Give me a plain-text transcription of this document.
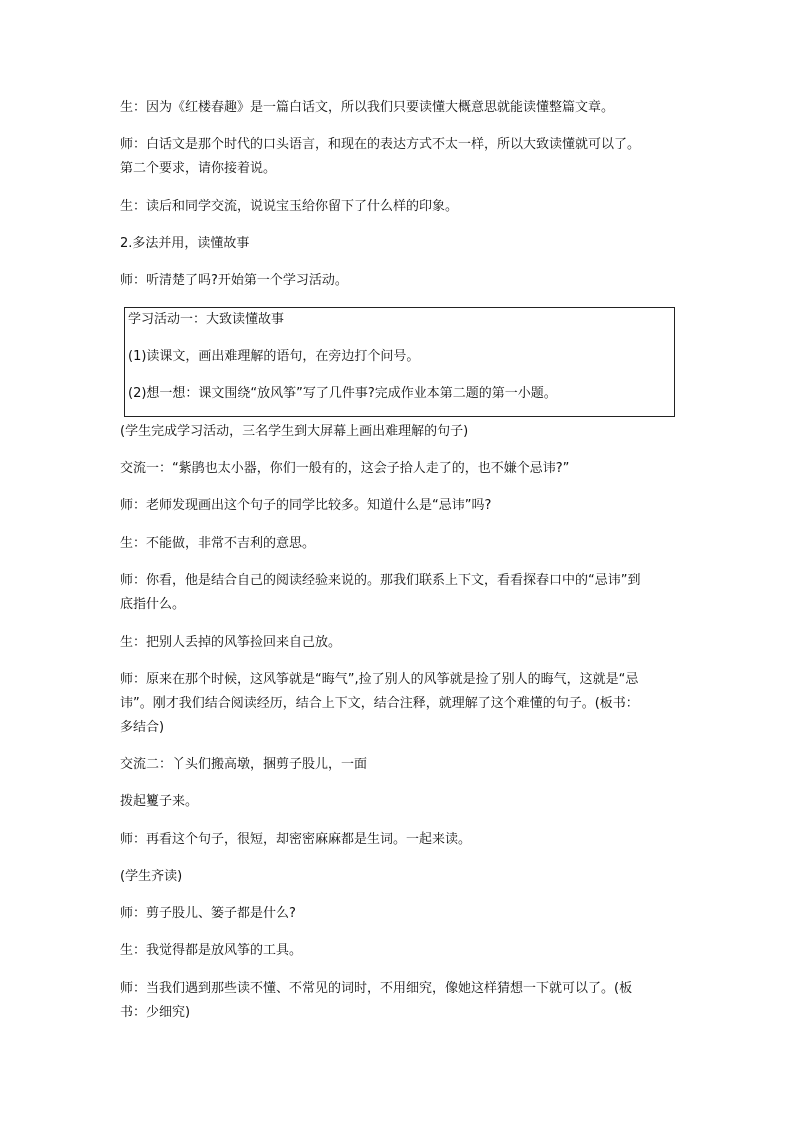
生：因为《红楼春趣》是一篇白话文，所以我们只要读懂大概意思就能读懂整篇文章。
师：白话文是那个时代的口头语言，和现在的表达方式不太一样，所以大致读懂就可以了。
第二个要求，请你接着说。
生：读后和同学交流，说说宝玉给你留下了什么样的印象。
2.多法并用，读懂故事
师：听清楚了吗?开始第一个学习活动。
学习活动一：大致读懂故事
(1)读课文，画出难理解的语句，在旁边打个问号。
(2)想一想：课文围绕“放风筝”写了几件事?完成作业本第二题的第一小题。
(学生完成学习活动，三名学生到大屏幕上画出难理解的句子)
交流一：“紫鹃也太小器，你们一般有的，这会子拾人走了的，也不嫌个忌讳?”
师：老师发现画出这个句子的同学比较多。知道什么是“忌讳”吗?
生：不能做，非常不吉利的意思。
师：你看，他是结合自己的阅读经验来说的。那我们联系上下文，看看探春口中的“忌讳”到
底指什么。
生：把别人丢掉的风筝捡回来自己放。
师：原来在那个时候，这风筝就是“晦气”,捡了别人的风筝就是捡了别人的晦气，这就是“忌
讳”。刚才我们结合阅读经历，结合上下文，结合注释，就理解了这个难懂的句子。(板书：
多结合)
交流二：丫头们搬高墩，捆剪子股儿，一面
拨起籰子来。
师：再看这个句子，很短，却密密麻麻都是生词。一起来读。
(学生齐读)
师：剪子股儿、篓子都是什么?
生：我觉得都是放风筝的工具。
师：当我们遇到那些读不懂、不常见的词时，不用细究，像她这样猜想一下就可以了。(板
书：少细究)
